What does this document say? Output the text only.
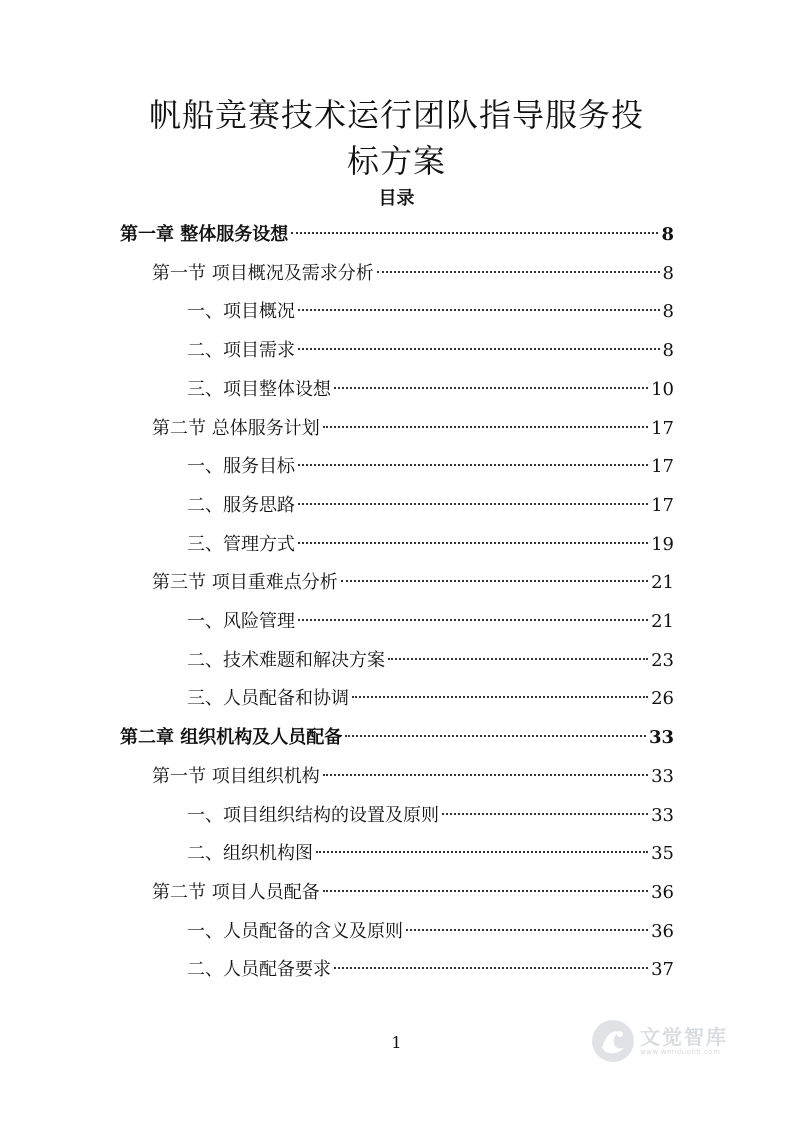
帆船竞赛技术运行团队指导服务投
标方案
目录
第一章 整体服务设想	8
第一节 项目概况及需求分析	8
一、项目概况	8
二、项目需求	8
三、项目整体设想	10
第二节 总体服务计划	17
一、服务目标	17
二、服务思路	17
三、管理方式	19
第三节 项目重难点分析	21
一、风险管理	21
二、技术难题和解决方案	23
三、人员配备和协调	26
第二章 组织机构及人员配备	33
第一节 项目组织机构	33
一、项目组织结构的设置及原则	33
二、组织机构图	35
第二节 项目人员配备	36
一、人员配备的含义及原则	36
二、人员配备要求	37
1	文觉智库
www.wenduolib.com
